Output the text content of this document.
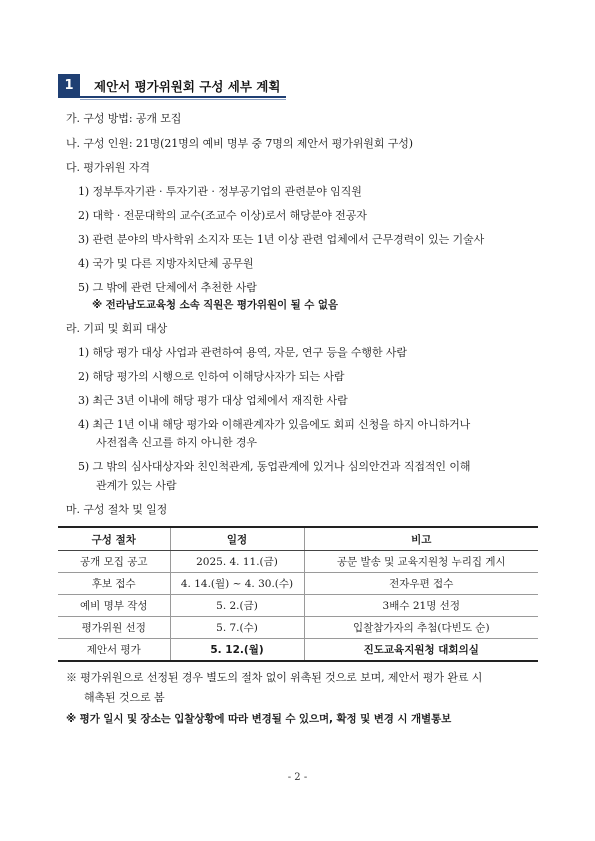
1	제안서 평가위원회 구성 세부 계획
가. 구성 방법: 공개 모집
나. 구성 인원: 21명(21명의 예비 명부 중 7명의 제안서 평가위원회 구성)
다. 평가위원 자격
1) 정부투자기관 · 투자기관 · 정부공기업의 관련분야 임직원
2) 대학 · 전문대학의 교수(조교수 이상)로서 해당분야 전공자
3) 관련 분야의 박사학위 소지자 또는 1년 이상 관련 업체에서 근무경력이 있는 기술사
4) 국가 및 다른 지방자치단체 공무원
5) 그 밖에 관련 단체에서 추천한 사람
※ 전라남도교육청 소속 직원은 평가위원이 될 수 없음
라. 기피 및 회피 대상
1) 해당 평가 대상 사업과 관련하여 용역, 자문, 연구 등을 수행한 사람
2) 해당 평가의 시행으로 인하여 이해당사자가 되는 사람
3) 최근 3년 이내에 해당 평가 대상 업체에서 재직한 사람
4) 최근 1년 이내 해당 평가와 이해관계자가 있음에도 회피 신청을 하지 아니하거나
사전접촉 신고를 하지 아니한 경우
5) 그 밖의 심사대상자와 친인척관계, 동업관계에 있거나 심의안건과 직접적인 이해
관계가 있는 사람
마. 구성 절차 및 일정
구성 절차	일정	비고
공개 모집 공고	2025. 4. 11.(금)	공문 발송 및 교육지원청 누리집 게시
후보 접수	4. 14.(월) ~ 4. 30.(수)	전자우편 접수
예비 명부 작성	5. 2.(금)	3배수 21명 선정
평가위원 선정	5. 7.(수)	입찰참가자의 추첨(다빈도 순)
제안서 평가	5. 12.(월)	진도교육지원청 대회의실
※ 평가위원으로 선정된 경우 별도의 절차 없이 위촉된 것으로 보며, 제안서 평가 완료 시
해촉된 것으로 봄
※ 평가 일시 및 장소는 입찰상황에 따라 변경될 수 있으며, 확정 및 변경 시 개별통보
- 2 -
